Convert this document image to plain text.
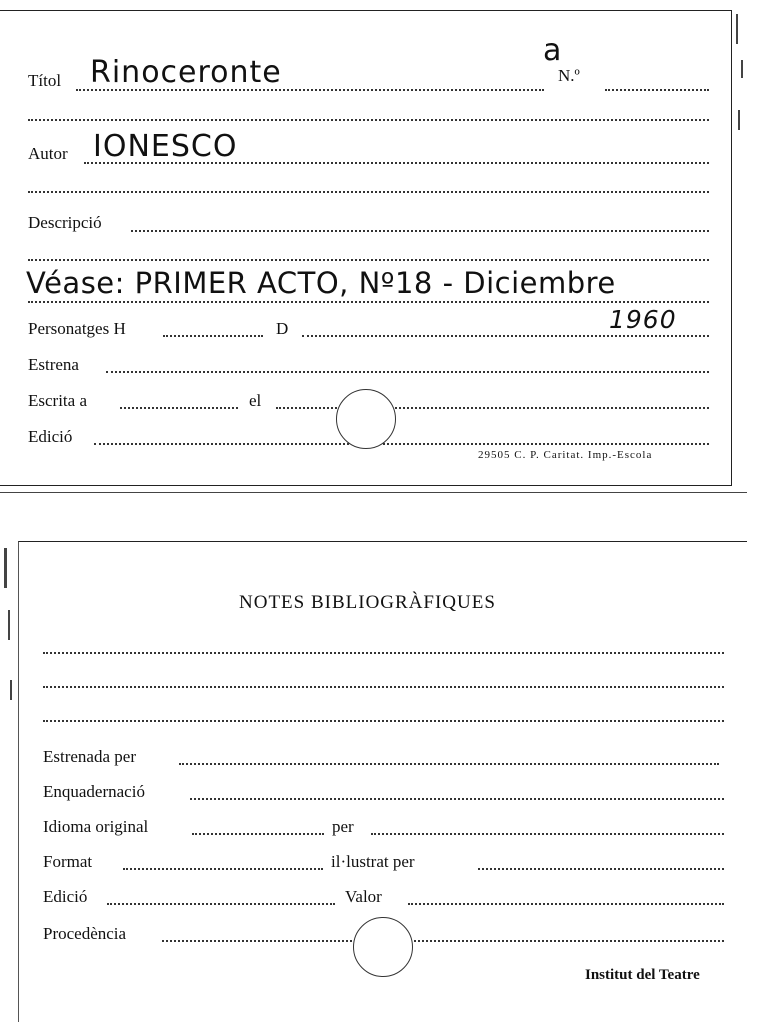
a
Títol Rinoceronte	N.º
Autor IONESCO
Descripció
Véase: PRIMER ACTO, Nº18 - Diciembre
Personatges H	D	1960
Estrena
Escrita a	el
Edició
29505 C. P. Caritat. Imp.-Escola
NOTES BIBLIOGRÀFIQUES
Estrenada per
Enquadernació
Idioma original	per
Format	il·lustrat per
Edició	Valor
Procedència
Institut del Teatre
